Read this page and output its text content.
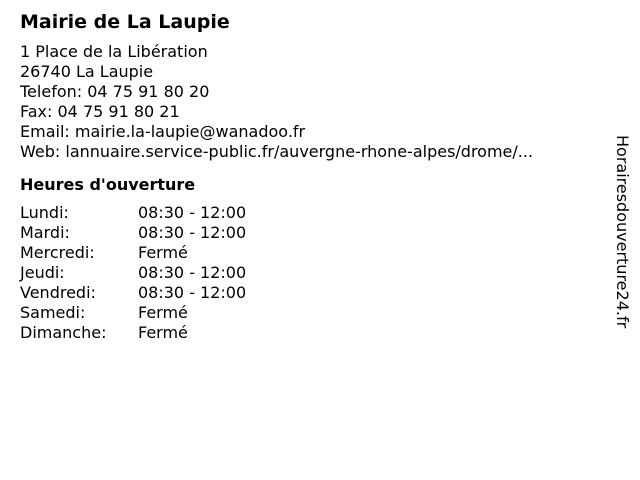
Mairie de La Laupie
1 Place de la Libération
26740 La Laupie
Telefon: 04 75 91 80 20
Fax: 04 75 91 80 21
Email: mairie.la-laupie@wanadoo.fr
Web: lannuaire.service-public.fr/auvergne-rhone-alpes/drome/...
Heures d'ouverture
Lundi:	08:30 - 12:00
Mardi:	08:30 - 12:00
Mercredi:	Fermé
Jeudi:	08:30 - 12:00
Vendredi:	08:30 - 12:00
Samedi:	Fermé
Dimanche:	Fermé
Horairesdouverture24.fr
